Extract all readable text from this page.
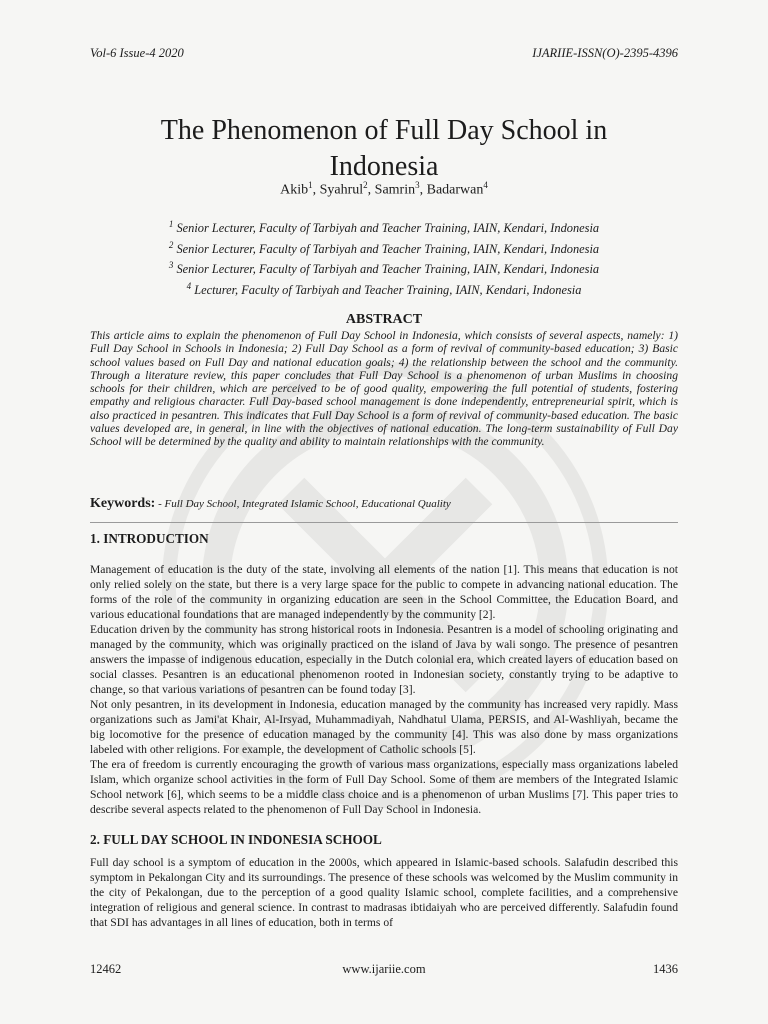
Vol-6 Issue-4 2020	IJARIIE-ISSN(O)-2395-4396
The Phenomenon of Full Day School in
Indonesia
Akib$^1$, Syahrul$^2$, Samrin$^3$, Badarwan$^4$
$^1$ Senior Lecturer, Faculty of Tarbiyah and Teacher Training, IAIN, Kendari, Indonesia
$^2$ Senior Lecturer, Faculty of Tarbiyah and Teacher Training, IAIN, Kendari, Indonesia
$^3$ Senior Lecturer, Faculty of Tarbiyah and Teacher Training, IAIN, Kendari, Indonesia
$^4$ Lecturer, Faculty of Tarbiyah and Teacher Training, IAIN, Kendari, Indonesia
ABSTRACT
This article aims to explain the phenomenon of Full Day School in Indonesia, which consists of several aspects, namely: 1) Full Day School in Schools in Indonesia; 2) Full Day School as a form of revival of community-based education; 3) Basic school values based on Full Day and national education goals; 4) the relationship between the school and the community. Through a literature review, this paper concludes that Full Day School is a phenomenon of urban Muslims in choosing schools for their children, which are perceived to be of good quality, empowering the full potential of students, fostering empathy and religious character. Full Day-based school management is done independently, entrepreneurial spirit, which is also practiced in pesantren. This indicates that Full Day School is a form of revival of community-based education. The basic values developed are, in general, in line with the objectives of national education. The long-term sustainability of Full Day School will be determined by the quality and ability to maintain relationships with the community.
Keywords: - Full Day School, Integrated Islamic School, Educational Quality
1. INTRODUCTION

Management of education is the duty of the state, involving all elements of the nation [1]. This means that education is not only relied solely on the state, but there is a very large space for the public to compete in advancing national education. The forms of the role of the community in organizing education are seen in the School Committee, the Education Board, and various educational foundations that are managed independently by the community [2].

Education driven by the community has strong historical roots in Indonesia. Pesantren is a model of schooling originating and managed by the community, which was originally practiced on the island of Java by wali songo. The presence of pesantren answers the impasse of indigenous education, especially in the Dutch colonial era, which created layers of education based on social classes. Pesantren is an educational phenomenon rooted in Indonesian society, constantly trying to be adaptive to change, so that various variations of pesantren can be found today [3].

Not only pesantren, in its development in Indonesia, education managed by the community has increased very rapidly. Mass organizations such as Jami'at Khair, Al-Irsyad, Muhammadiyah, Nahdhatul Ulama, PERSIS, and Al-Washliyah, became the big locomotive for the presence of education managed by the community [4]. This was also done by mass organizations labeled with other religions. For example, the development of Catholic schools [5].

The era of freedom is currently encouraging the growth of various mass organizations, especially mass organizations labeled Islam, which organize school activities in the form of Full Day School. Some of them are members of the Integrated Islamic School network [6], which seems to be a middle class choice and is a phenomenon of urban Muslims [7]. This paper tries to describe several aspects related to the phenomenon of Full Day School in Indonesia.

2. FULL DAY SCHOOL IN INDONESIA SCHOOL

Full day school is a symptom of education in the 2000s, which appeared in Islamic-based schools. Salafudin described this symptom in Pekalongan City and its surroundings. The presence of these schools was welcomed by the Muslim community in the city of Pekalongan, due to the perception of a good quality Islamic school, complete facilities, and a comprehensive integration of religious and general science. In contrast to madrasas ibtidaiyah who are perceived differently. Salafudin found that SDI has advantages in all lines of education, both in terms of

12462	www.ijariie.com	1436
